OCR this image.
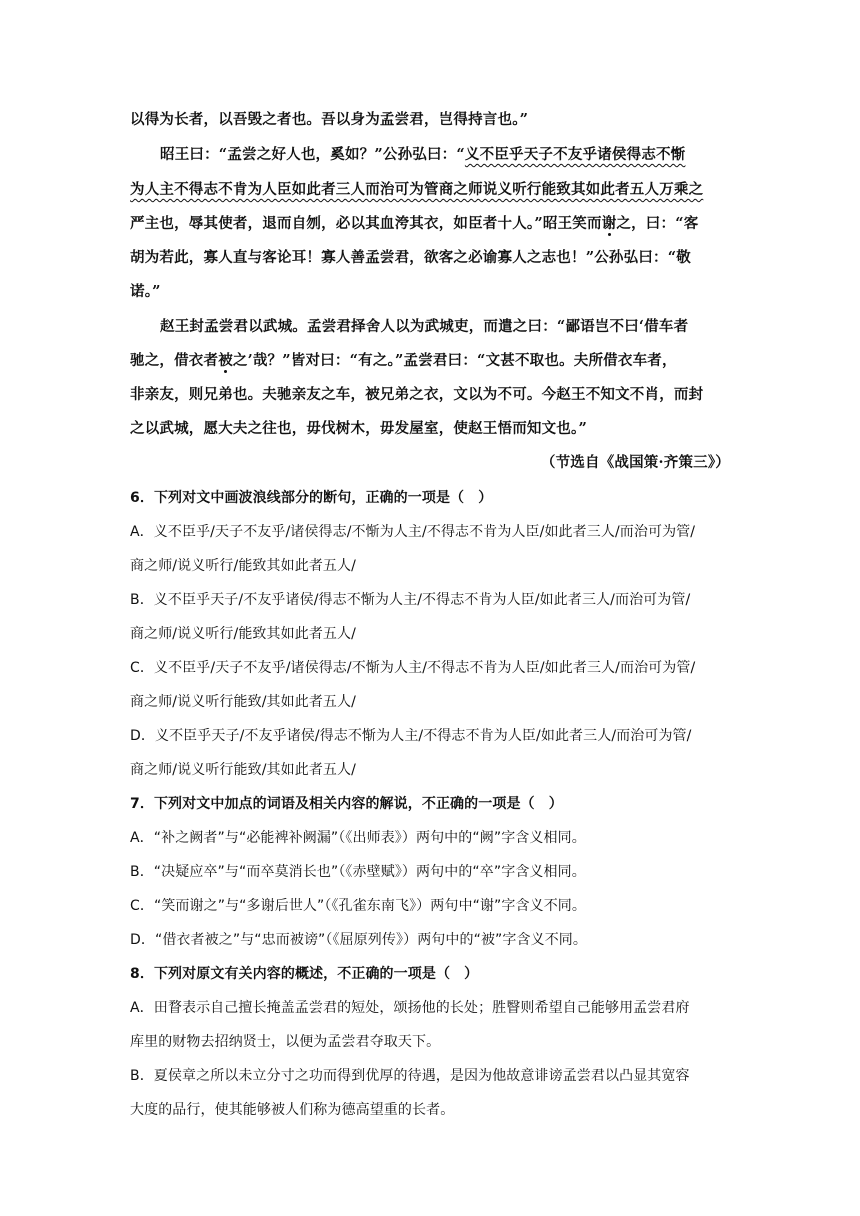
以得为长者，以吾毁之者也。吾以身为孟尝君，岂得持言也。”
昭王曰：“孟尝之好人也，奚如？”公孙弘曰：“义不臣乎天子不友乎诸侯得志不惭
为人主不得志不肯为人臣如此者三人而治可为管商之师说义听行能致其如此者五人万乘之
严主也，辱其使者，退而自刎，必以其血洿其衣，如臣者十人。”昭王笑而谢之，曰：“客
胡为若此，寡人直与客论耳！寡人善孟尝君，欲客之必谕寡人之志也！”公孙弘曰：“敬
诺。”
赵王封孟尝君以武城。孟尝君择舍人以为武城吏，而遣之曰：“鄙语岂不曰‘借车者
驰之，借衣者被之’哉？”皆对曰：“有之。”孟尝君曰：“文甚不取也。夫所借衣车者，
非亲友，则兄弟也。夫驰亲友之车，被兄弟之衣，文以为不可。今赵王不知文不肖，而封
之以武城，愿大夫之往也，毋伐树木，毋发屋室，使赵王悟而知文也。”
（节选自《战国策·齐策三》）
6．下列对文中画波浪线部分的断句，正确的一项是（　）
A．义不臣乎/天子不友乎/诸侯得志/不惭为人主/不得志不肯为人臣/如此者三人/而治可为管/
商之师/说义听行/能致其如此者五人/
B．义不臣乎天子/不友乎诸侯/得志不惭为人主/不得志不肯为人臣/如此者三人/而治可为管/
商之师/说义听行/能致其如此者五人/
C．义不臣乎/天子不友乎/诸侯得志/不惭为人主/不得志不肯为人臣/如此者三人/而治可为管/
商之师/说义听行能致/其如此者五人/
D．义不臣乎天子/不友乎诸侯/得志不惭为人主/不得志不肯为人臣/如此者三人/而治可为管/
商之师/说义听行能致/其如此者五人/
7．下列对文中加点的词语及相关内容的解说，不正确的一项是（　）
A．“补之阙者”与“必能裨补阙漏”（《出师表》）两句中的“阙”字含义相同。
B．“决疑应卒”与“而卒莫消长也”（《赤壁赋》）两句中的“卒”字含义相同。
C．“笑而谢之”与“多谢后世人”（《孔雀东南飞》）两句中“谢”字含义不同。
D．“借衣者被之”与“忠而被谤”（《屈原列传》）两句中的“被”字含义不同。
8．下列对原文有关内容的概述，不正确的一项是（　）
A．田瞀表示自己擅长掩盖孟尝君的短处，颂扬他的长处；胜瞖则希望自己能够用孟尝君府
库里的财物去招纳贤士，以便为孟尝君夺取天下。
B．夏侯章之所以未立分寸之功而得到优厚的待遇，是因为他故意诽谤孟尝君以凸显其宽容
大度的品行，使其能够被人们称为德高望重的长者。
